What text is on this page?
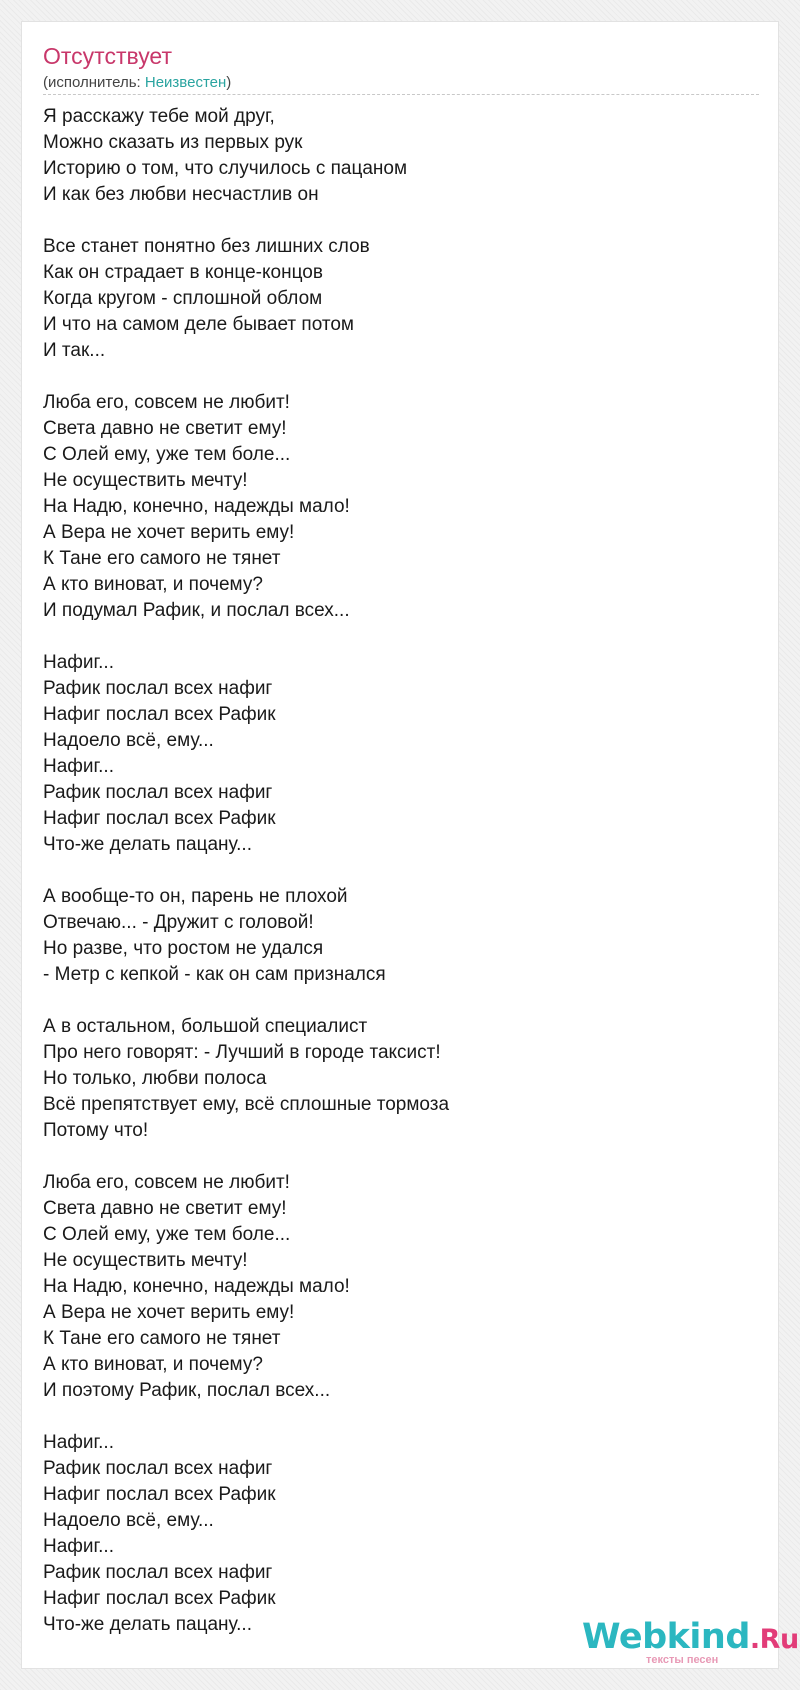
Отсутствует
(исполнитель: Неизвестен)
Я расскажу тебе мой друг,
Можно сказать из первых рук
Историю о том, что случилось с пацаном
И как без любви несчастлив он
Все станет понятно без лишних слов
Как он страдает в конце-концов
Когда кругом - сплошной облом
И что на самом деле бывает потом
И так...
Люба его, совсем не любит!
Света давно не светит ему!
С Олей ему, уже тем боле...
Не осуществить мечту!
На Надю, конечно, надежды мало!
А Вера не хочет верить ему!
К Тане его самого не тянет
А кто виноват, и почему?
И подумал Рафик, и послал всех...
Нафиг...
Рафик послал всех нафиг
Нафиг послал всех Рафик
Надоело всё, ему...
Нафиг...
Рафик послал всех нафиг
Нафиг послал всех Рафик
Что-же делать пацану...
А вообще-то он, парень не плохой
Отвечаю... - Дружит с головой!
Но разве, что ростом не удался
- Метр с кепкой - как он сам признался
А в остальном, большой специалист
Про него говорят: - Лучший в городе таксист!
Но только, любви полоса
Всё препятствует ему, всё сплошные тормоза
Потому что!
Люба его, совсем не любит!
Света давно не светит ему!
С Олей ему, уже тем боле...
Не осуществить мечту!
На Надю, конечно, надежды мало!
А Вера не хочет верить ему!
К Тане его самого не тянет
А кто виноват, и почему?
И поэтому Рафик, послал всех...
Нафиг...
Рафик послал всех нафиг
Нафиг послал всех Рафик
Надоело всё, ему...
Нафиг...
Рафик послал всех нафиг
Нафиг послал всех Рафик
Что-же делать пацану...	Webkind.Ru
тексты песен
